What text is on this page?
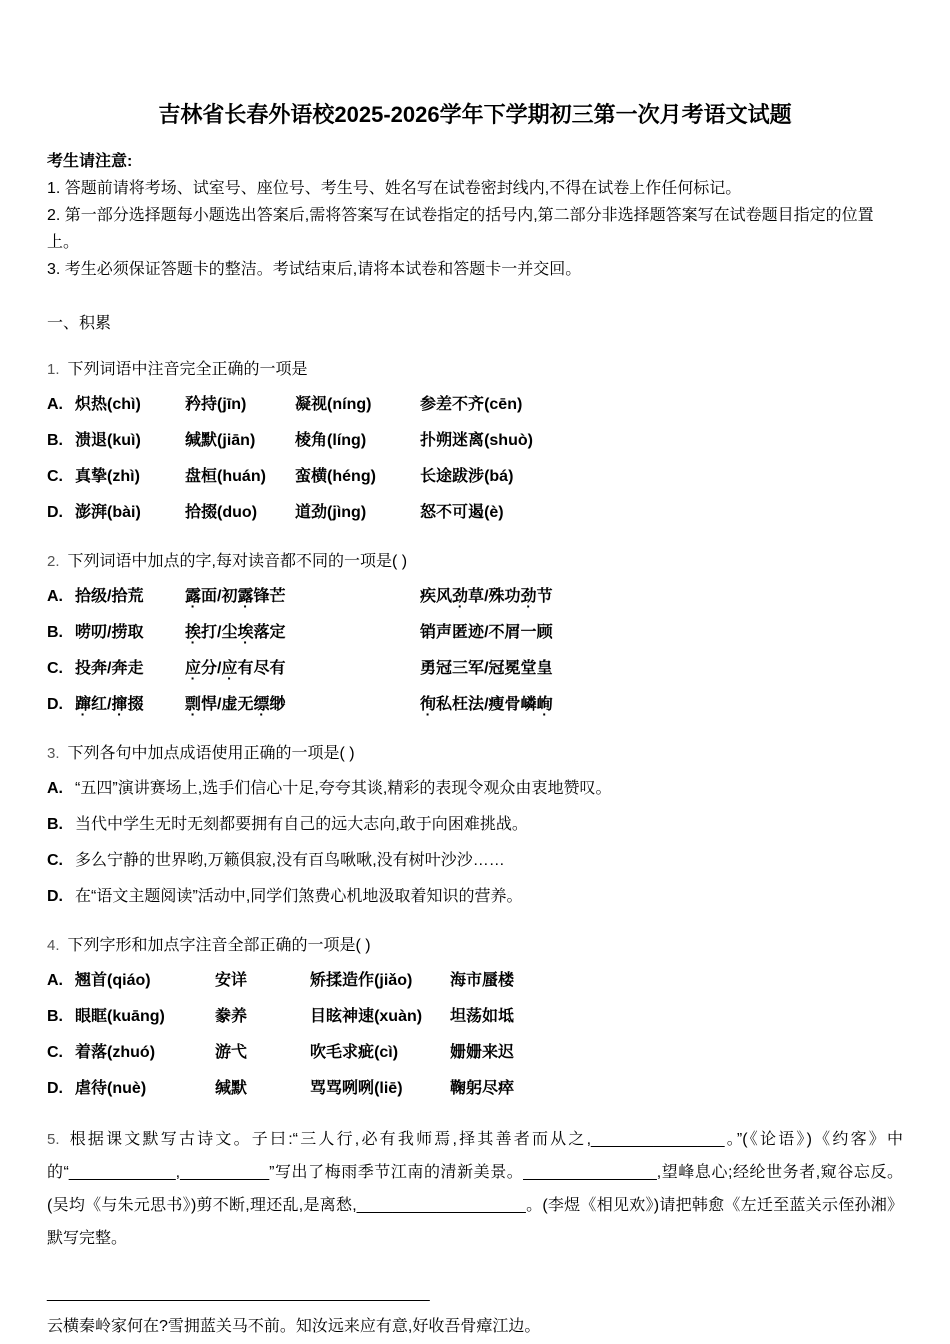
吉林省长春外语校2025-2026学年下学期初三第一次月考语文试题

考生请注意:

1. 答题前请将考场、试室号、座位号、考生号、姓名写在试卷密封线内,不得在试卷上作任何标记。

2. 第一部分选择题每小题选出答案后,需将答案写在试卷指定的括号内,第二部分非选择题答案写在试卷题目指定的位置上。

3. 考生必须保证答题卡的整洁。考试结束后,请将本试卷和答题卡一并交回。

一、积累

1. 下列词语中注音完全正确的一项是

A. 炽热(chì)	矜持(jīn)	凝视(níng)	参差不齐(cēn)
B. 溃退(kuì)	缄默(jiān)	棱角(líng)	扑朔迷离(shuò)
C. 真挚(zhì)	盘桓(huán)	蛮横(héng)	长途跋涉(bá)
D. 澎湃(bài)	拾掇(duo)	道劲(jìng)	怒不可遏(è)

2. 下列词语中加点的字,每对读音都不同的一项是( )

A. 拾级/拾荒	露面/初露锋芒	疾风劲草/殊功劲节
B. 唠叨/捞取	挨打/尘埃落定	销声匿迹/不屑一顾
C. 投奔/奔走	应分/应有尽有	勇冠三军/冠冕堂皇
D. 蹿红/撺掇	剽悍/虚无缥缈	徇私枉法/瘦骨嶙峋

3. 下列各句中加点成语使用正确的一项是( )

A. “五四”演讲赛场上,选手们信心十足,夸夸其谈,精彩的表现令观众由衷地赞叹。
B. 当代中学生无时无刻都要拥有自己的远大志向,敢于向困难挑战。
C. 多么宁静的世界哟,万籁俱寂,没有百鸟啾啾,没有树叶沙沙……
D. 在“语文主题阅读”活动中,同学们煞费心机地汲取着知识的营养。

4. 下列字形和加点字注音全部正确的一项是( )

A. 翘首(qiáo)	安详	矫揉造作(jiǎo)	海市蜃楼
B. 眼眶(kuāng)	豢养	目眩神速(xuàn)	坦荡如坻
C. 着落(zhuó)	游弋	吹毛求疵(cì)	姗姗来迟
D. 虐待(nuè)	缄默	骂骂咧咧(liē)	鞠躬尽瘁

5. 根据课文默写古诗文。子曰:“三人行,必有我师焉,择其善者而从之,_______________。”(《论语》)《约客》中的“____________,__________”写出了梅雨季节江南的清新美景。_______________,望峰息心;经纶世务者,窥谷忘反。(吴均《与朱元思书》)剪不断,理还乱,是离愁,___________________。(李煜《相见欢》)请把韩愈《左迁至蓝关示侄孙湘》默写完整。

___________________________________________

云横秦岭家何在?雪拥蓝关马不前。知汝远来应有意,好收吾骨瘴江边。
